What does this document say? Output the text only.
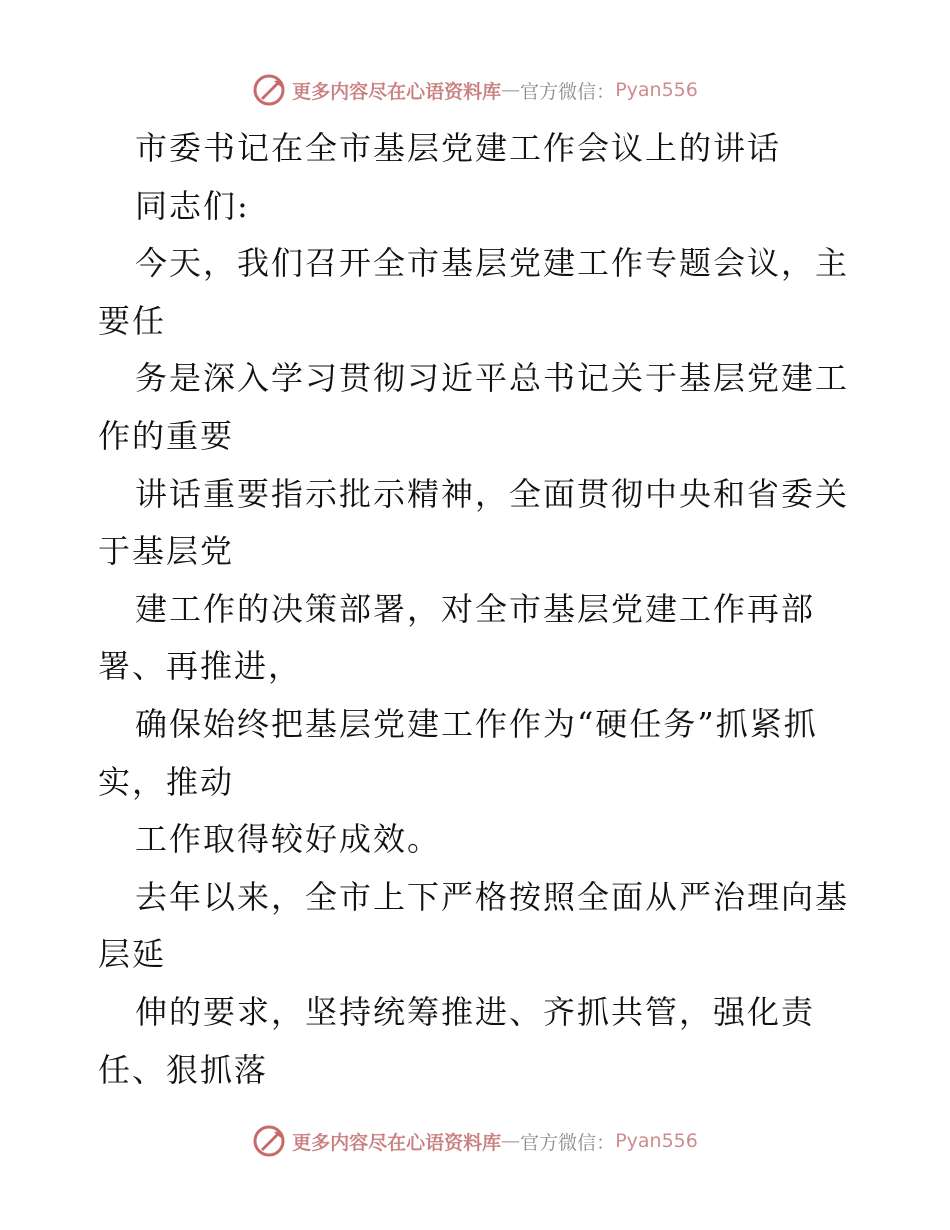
更多内容尽在心语资料库 — 官方微信： Pyan556
市委书记在全市基层党建工作会议上的讲话
同志们:
今天，我们召开全市基层党建工作专题会议，主
要任
务是深入学习贯彻习近平总书记关于基层党建工
作的重要
讲话重要指示批示精神，全面贯彻中央和省委关
于基层党
建工作的决策部署，对全市基层党建工作再部
署、再推进，
确保始终把基层党建工作作为“硬任务”抓紧抓
实，推动
工作取得较好成效。
去年以来，全市上下严格按照全面从严治理向基
层延
伸的要求，坚持统筹推进、齐抓共管，强化责
任、狠抓落
更多内容尽在心语资料库 — 官方微信： Pyan556
